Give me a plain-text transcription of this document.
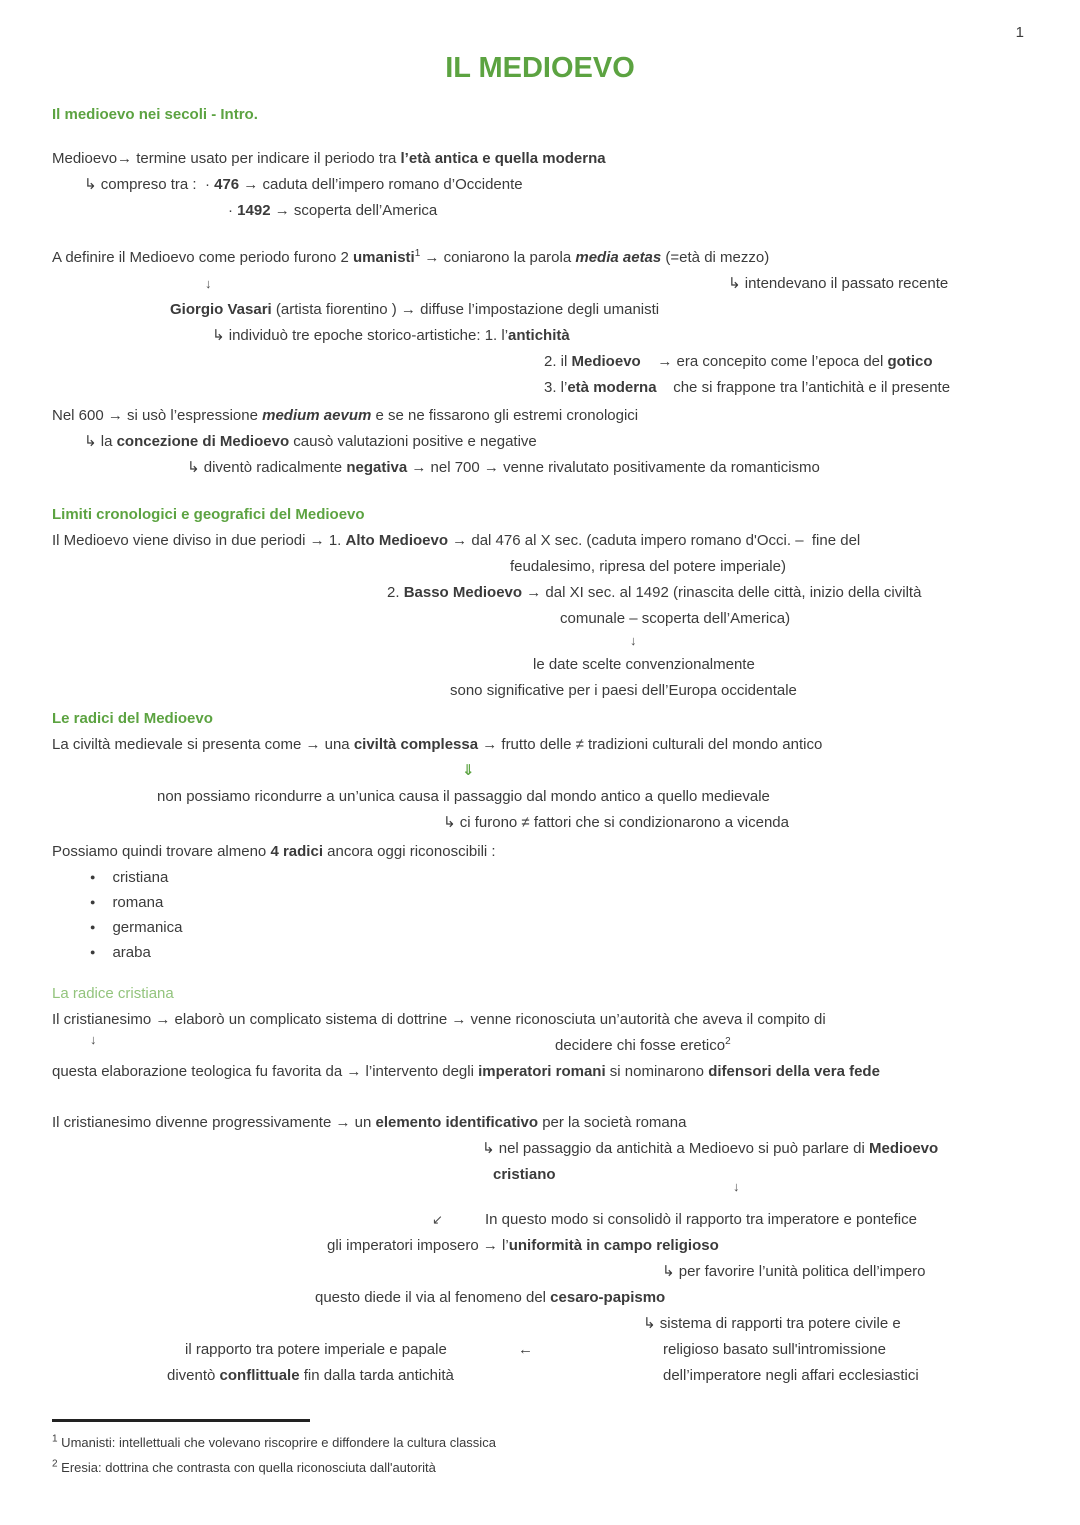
1
IL MEDIOEVO
Il medioevo nei secoli - Intro.
Medioevo→ termine usato per indicare il periodo tra l’età antica e quella moderna
↳ compreso tra :  · 476 → caduta dell’impero romano d’Occidente
· 1492 → scoperta dell’America
A definire il Medioevo come periodo furono 2 umanisti$^1$ → coniarono la parola media aetas (=età di mezzo)
↳ intendevano il passato recente
Giorgio Vasari (artista fiorentino ) → diffuse l’impostazione degli umanisti
↳ individuò tre epoche storico-artistiche: 1. l’antichità
2. il Medioevo    → era concepito come l’epoca del gotico
3. l’età moderna    che si frappone tra l’antichità e il presente
Nel 600 → si usò l’espressione medium aevum e se ne fissarono gli estremi cronologici
↳ la concezione di Medioevo causò valutazioni positive e negative
↳ diventò radicalmente negativa → nel 700 → venne rivalutato positivamente da romanticismo
Limiti cronologici e geografici del Medioevo
Il Medioevo viene diviso in due periodi → 1. Alto Medioevo → dal 476 al X sec. (caduta impero romano d'Occi. –  fine del
feudalesimo, ripresa del potere imperiale)
2. Basso Medioevo → dal XI sec. al 1492 (rinascita delle città, inizio della civiltà
comunale – scoperta dell’America)
le date scelte convenzionalmente
sono significative per i paesi dell’Europa occidentale
Le radici del Medioevo
La civiltà medievale si presenta come → una civiltà complessa → frutto delle ≠ tradizioni culturali del mondo antico
⇓
non possiamo ricondurre a un’unica causa il passaggio dal mondo antico a quello medievale
↳ ci furono ≠ fattori che si condizionarono a vicenda
Possiamo quindi trovare almeno 4 radici ancora oggi riconoscibili :
● cristiana
● romana
● germanica
● araba
La radice cristiana
Il cristianesimo → elaborò un complicato sistema di dottrine → venne riconosciuta un’autorità che aveva il compito di
decidere chi fosse eretico$^2$
questa elaborazione teologica fu favorita da → l’intervento degli imperatori romani si nominarono difensori della vera fede
Il cristianesimo divenne progressivamente → un elemento identificativo per la società romana
↳ nel passaggio da antichità a Medioevo si può parlare di Medioevo
cristiano
↙	In questo modo si consolidò il rapporto tra imperatore e pontefice
gli imperatori imposero → l’uniformità in campo religioso
↳ per favorire l’unità politica dell’impero
questo diede il via al fenomeno del cesaro-papismo
↳ sistema di rapporti tra potere civile e
il rapporto tra potere imperiale e papale	←	religioso basato sull'intromissione
diventò conflittuale fin dalla tarda antichità	dell’imperatore negli affari ecclesiastici
$^1$ Umanisti: intellettuali che volevano riscoprire e diffondere la cultura classica
$^2$ Eresia: dottrina che contrasta con quella riconosciuta dall'autorità
↓
↓
↓
↓
